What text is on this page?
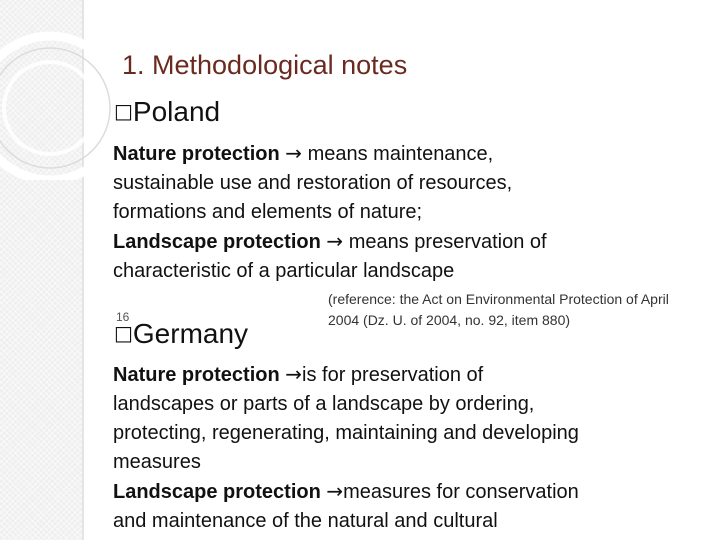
1. Methodological notes
□Poland
Nature protection → means maintenance,
sustainable use and restoration of resources,
formations and elements of nature;
Landscape protection → means preservation of
characteristic of a particular landscape
(reference: the Act on Environmental Protection of April 2004 (Dz. U. of 2004, no. 92, item 880)
16
□Germany
Nature protection →is for preservation of
landscapes or parts of a landscape by ordering,
protecting, regenerating, maintaining and developing
measures
Landscape protection →measures for conservation
and maintenance of the natural and cultural
